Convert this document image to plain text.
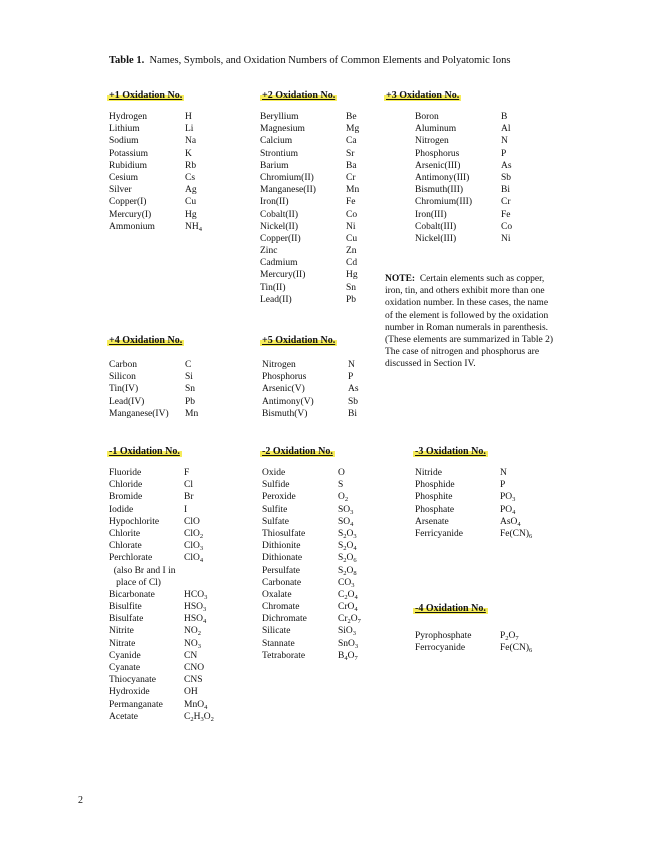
Table 1. Names, Symbols, and Oxidation Numbers of Common Elements and Polyatomic Ions
+1 Oxidation No.
Hydrogen	H
Lithium	Li
Sodium	Na
Potassium	K
Rubidium	Rb
Cesium	Cs
Silver	Ag
Copper(I)	Cu
Mercury(I)	Hg
Ammonium	$NH_4$
+2 Oxidation No.
Beryllium	Be
Magnesium	Mg
Calcium	Ca
Strontium	Sr
Barium	Ba
Chromium(II)	Cr
Manganese(II)	Mn
Iron(II)	Fe
Cobalt(II)	Co
Nickel(II)	Ni
Copper(II)	Cu
Zinc	Zn
Cadmium	Cd
Mercury(II)	Hg
Tin(II)	Sn
Lead(II)	Pb
+3 Oxidation No.
Boron	B
Aluminum	Al
Nitrogen	N
Phosphorus	P
Arsenic(III)	As
Antimony(III)	Sb
Bismuth(III)	Bi
Chromium(III)	Cr
Iron(III)	Fe
Cobalt(III)	Co
Nickel(III)	Ni
NOTE: Certain elements such as copper, iron, tin, and others exhibit more than one oxidation number. In these cases, the name of the element is followed by the oxidation number in Roman numerals in parenthesis. (These elements are summarized in Table 2) The case of nitrogen and phosphorus are discussed in Section IV.
+4 Oxidation No.
Carbon	C
Silicon	Si
Tin(IV)	Sn
Lead(IV)	Pb
Manganese(IV) Mn
+5 Oxidation No.
Nitrogen	N
Phosphorus	P
Arsenic(V)	As
Antimony(V)	Sb
Bismuth(V)	Bi
-1 Oxidation No.
Fluoride	F
Chloride	Cl
Bromide	Br
Iodide	I
Hypochlorite	ClO
Chlorite	ClO$_2$
Chlorate	ClO$_3$
Perchlorate	ClO$_4$
(also Br and I in
place of Cl)
Bicarbonate	$HCO_3$
Bisulfite	$HSO_3$
Bisulfate	$HSO_4$
Nitrite	$NO_2$
Nitrate	$NO_3$
Cyanide	CN
Cyanate	CNO
Thiocyanate	CNS
Hydroxide	OH
Permanganate MnO$_4$
Acetate	$C_2H_3O_2$
-2 Oxidation No.
Oxide	O
Sulfide	S
Peroxide	$O_2$
Sulfite	$SO_3$
Sulfate	$SO_4$
Thiosulfate	$S_2O_3$
Dithionite	$S_2O_4$
Dithionate	$S_2O_6$
Persulfate	$S_2O_8$
Carbonate	$CO_3$
Oxalate	$C_2O_4$
Chromate	CrO$_4$
Dichromate	$Cr_2O_7$
Silicate	SiO$_3$
Stannate	SnO$_3$
Tetraborate	$B_4O_7$
-3 Oxidation No.
Nitride	N
Phosphide	P
Phosphite	$PO_3$
Phosphate	$PO_4$
Arsenate	AsO$_4$
Ferricyanide	$Fe(CN)_6$
-4 Oxidation No.
Pyrophosphate	$P_2O_7$
Ferrocyanide	$Fe(CN)_6$
2
